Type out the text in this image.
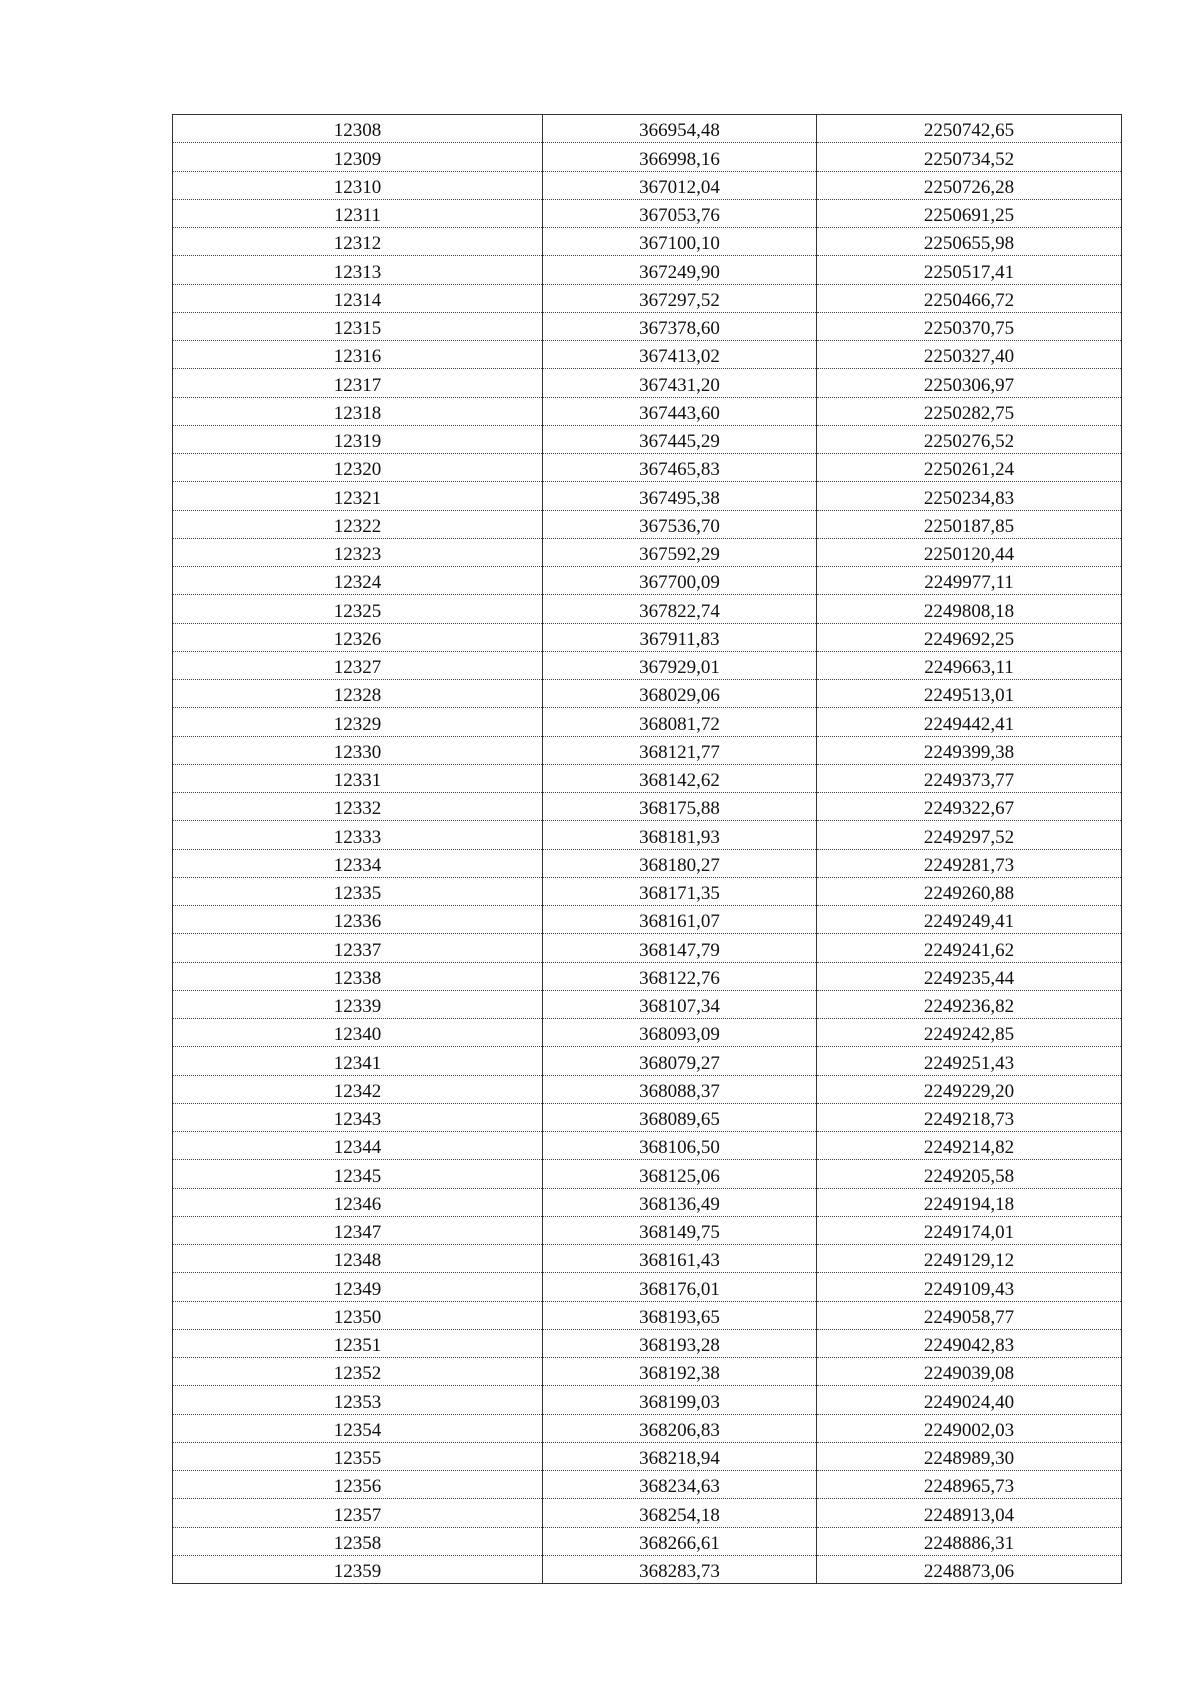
12308	366954,48	2250742,65
12309	366998,16	2250734,52
12310	367012,04	2250726,28
12311	367053,76	2250691,25
12312	367100,10	2250655,98
12313	367249,90	2250517,41
12314	367297,52	2250466,72
12315	367378,60	2250370,75
12316	367413,02	2250327,40
12317	367431,20	2250306,97
12318	367443,60	2250282,75
12319	367445,29	2250276,52
12320	367465,83	2250261,24
12321	367495,38	2250234,83
12322	367536,70	2250187,85
12323	367592,29	2250120,44
12324	367700,09	2249977,11
12325	367822,74	2249808,18
12326	367911,83	2249692,25
12327	367929,01	2249663,11
12328	368029,06	2249513,01
12329	368081,72	2249442,41
12330	368121,77	2249399,38
12331	368142,62	2249373,77
12332	368175,88	2249322,67
12333	368181,93	2249297,52
12334	368180,27	2249281,73
12335	368171,35	2249260,88
12336	368161,07	2249249,41
12337	368147,79	2249241,62
12338	368122,76	2249235,44
12339	368107,34	2249236,82
12340	368093,09	2249242,85
12341	368079,27	2249251,43
12342	368088,37	2249229,20
12343	368089,65	2249218,73
12344	368106,50	2249214,82
12345	368125,06	2249205,58
12346	368136,49	2249194,18
12347	368149,75	2249174,01
12348	368161,43	2249129,12
12349	368176,01	2249109,43
12350	368193,65	2249058,77
12351	368193,28	2249042,83
12352	368192,38	2249039,08
12353	368199,03	2249024,40
12354	368206,83	2249002,03
12355	368218,94	2248989,30
12356	368234,63	2248965,73
12357	368254,18	2248913,04
12358	368266,61	2248886,31
12359	368283,73	2248873,06
